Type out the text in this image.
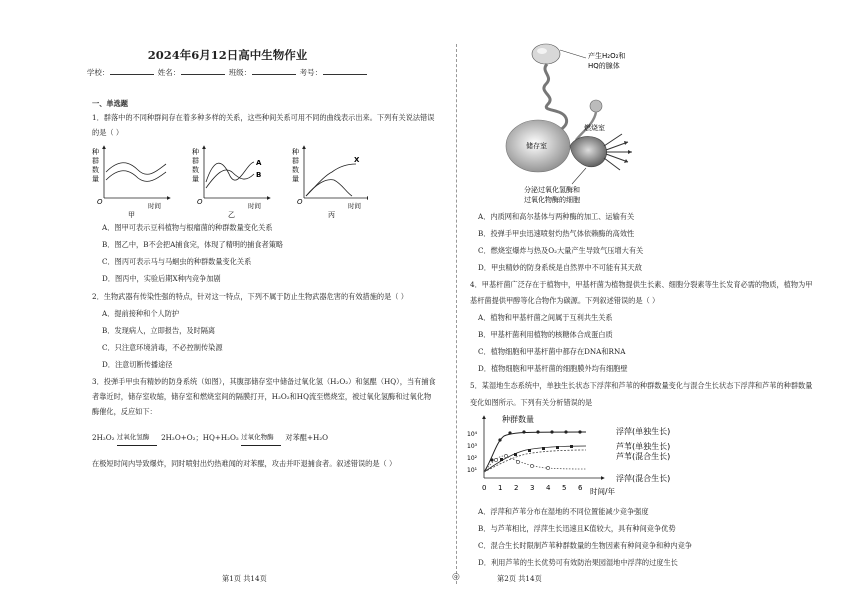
2024年6月12日高中生物作业
学校：	姓名：	班级：	考号：
一、单选题
1．群落中的不同种群间存在着多种多样的关系，这些种间关系可用不同的曲线表示出来。下列有关说法错误
的是（ ）
种
群
数
量
O	时间
甲
种
群
数
量
A
B
O	时间
乙
种
群
数
量
X
O	时间
丙
A．图甲可表示豆科植物与根瘤菌的种群数量变化关系
B．图乙中，B不会把A捕食完，体现了精明的捕食者策略
C．图丙可表示马与马蛔虫的种群数量变化关系
D．图丙中，实验后期X种内竞争加剧
2．生物武器有传染性强的特点，针对这一特点，下列不属于防止生物武器危害的有效措施的是（ ）
A．提前接种和个人防护
B．发现病人，立即报告，及时隔离
C．只注意环境消毒，不必控制传染源
D．注意切断传播途径
3．投弹手甲虫有精妙的防身系统（如图），其腹部储存室中储备过氧化氢（H₂O₂）和氢醌（HQ），当有捕食
者靠近时，储存室收缩，储存室和燃烧室间的隔膜打开，H₂O₂和HQ流至燃烧室，被过氧化氢酶和过氧化物
酶催化，反应如下：
2H₂O₂ 过氧化氢酶 2H₂O+O₂；HQ+H₂O₂ 过氧化物酶 对苯醌+H₂O
在极短时间内导致爆炸，同时喷射出灼热难闻的对苯醌，攻击并吓退捕食者。叙述错误的是（ ）
第1页 共14页	◎
产生H₂O₂和
HQ的腺体
储存室
燃烧室
分泌过氧化氢酶和
过氧化物酶的细胞
A．内质网和高尔基体与两种酶的加工、运输有关
B．投弹手甲虫迅速喷射灼热气体依赖酶的高效性
C．燃烧室爆炸与热及O₂大量产生导致气压增大有关
D．甲虫精妙的防身系统是自然界中不可能有其天敌
4．甲基杆菌广泛存在于植物中，甲基杆菌为植物提供生长素、细胞分裂素等生长发育必需的物质，植物为甲
基杆菌提供甲醇等化合物作为碳源。下列叙述错误的是（ ）
A．植物和甲基杆菌之间属于互利共生关系
B．甲基杆菌利用植物的核糖体合成蛋白质
C．植物细胞和甲基杆菌中都存在DNA和RNA
D．植物细胞和甲基杆菌的细胞膜外均有细胞壁
5．某湿地生态系统中，单独生长状态下浮萍和芦苇的种群数量变化与混合生长状态下浮萍和芦苇的种群数量
变化如图所示。下列有关分析错误的是
种群数量
10⁴
10³
10²
10¹
0 1 2 3 4 5 6 时间/年
浮萍(单独生长)
芦苇(单独生长)
芦苇(混合生长)
浮萍(混合生长)
A．浮萍和芦苇分布在湿地的不同位置能减少竞争强度
B．与芦苇相比，浮萍生长迅速且K值较大，具有种间竞争优势
C．混合生长时限制芦苇种群数量的生物因素有种间竞争和种内竞争
D．利用芦苇的生长优势可有效防治果园湿地中浮萍的过度生长
第2页 共14页
